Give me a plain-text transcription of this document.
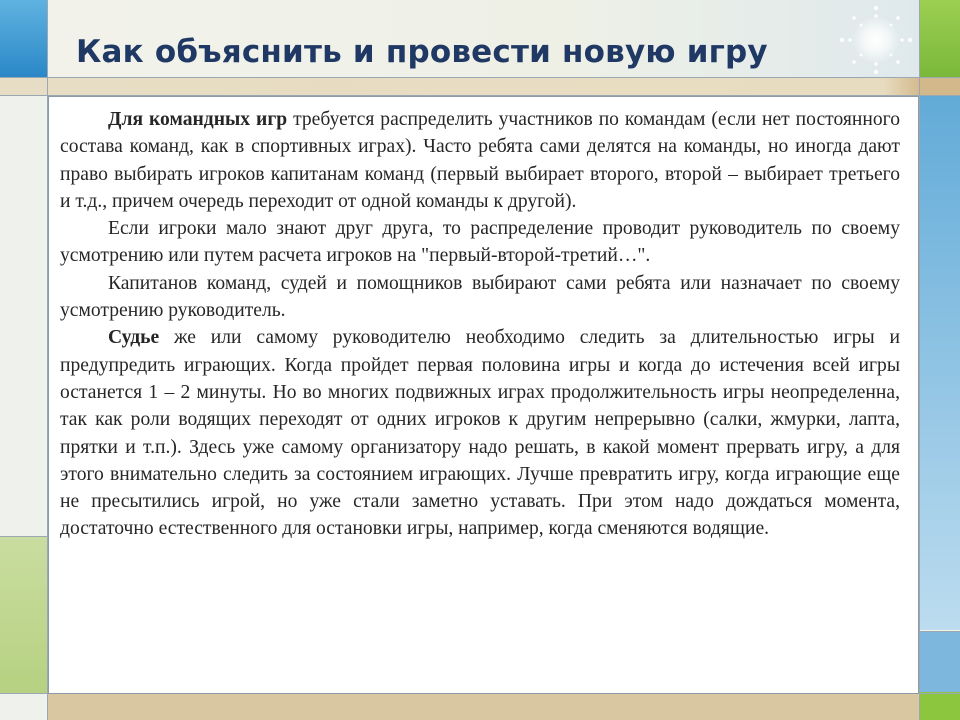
Как объяснить и провести новую игру

Для командных игр требуется распределить участников по командам (если нет постоянного состава команд, как в спортивных играх). Часто ребята сами делятся на команды, но иногда дают право выбирать игроков капитанам команд (первый выбирает второго, второй – выбирает третьего и т.д., причем очередь переходит от одной команды к другой).

Если игроки мало знают друг друга, то распределение проводит руководитель по своему усмотрению или путем расчета игроков на "первый-второй-третий…".

Капитанов команд, судей и помощников выбирают сами ребята или назначает по своему усмотрению руководитель.

Судье же или самому руководителю необходимо следить за длительностью игры и предупредить играющих. Когда пройдет первая половина игры и когда до истечения всей игры останется 1 – 2 минуты. Но во многих подвижных играх продолжительность игры неопределенна, так как роли водящих переходят от одних игроков к другим непрерывно (салки, жмурки, лапта, прятки и т.п.). Здесь уже самому организатору надо решать, в какой момент прервать игру, а для этого внимательно следить за состоянием играющих. Лучше превратить игру, когда играющие еще не пресытились игрой, но уже стали заметно уставать. При этом надо дождаться момента, достаточно естественного для остановки игры, например, когда сменяются водящие.
